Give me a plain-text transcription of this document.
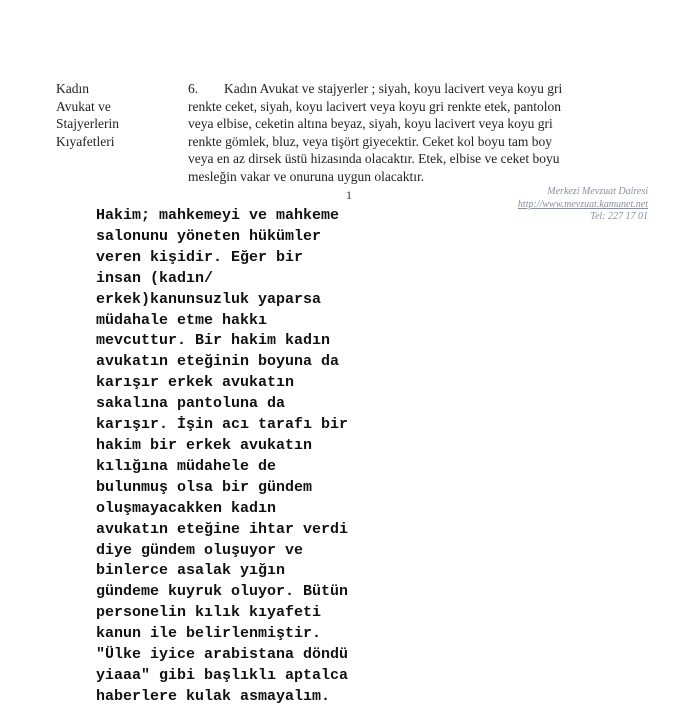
Kadın
Avukat ve
Stajyerlerin
Kıyafetleri
6.	Kadın Avukat ve stajyerler ; siyah, koyu lacivert veya koyu gri
renkte ceket, siyah, koyu lacivert veya koyu gri renkte etek, pantolon
veya elbise, ceketin altına beyaz, siyah, koyu lacivert veya koyu gri
renkte gömlek, bluz, veya tişört giyecektir. Ceket kol boyu tam boy
veya en az dirsek üstü hizasında olacaktır. Etek, elbise ve ceket boyu
mesleğin vakar ve onuruna uygun olacaktır.
1	Merkezi Mevzuat Dairesi
http://www.mevzuat.kamunet.net
Tel: 227 17 01
Hakim; mahkemeyi ve mahkeme
salonunu yöneten hükümler
veren kişidir. Eğer bir
insan (kadın/
erkek)kanunsuzluk yaparsa
müdahale etme hakkı
mevcuttur. Bir hakim kadın
avukatın eteğinin boyuna da
karışır erkek avukatın
sakalına pantoluna da
karışır. İşin acı tarafı bir
hakim bir erkek avukatın
kılığına müdahele de
bulunmuş olsa bir gündem
oluşmayacakken kadın
avukatın eteğine ihtar verdi
diye gündem oluşuyor ve
binlerce asalak yığın
gündeme kuyruk oluyor. Bütün
personelin kılık kıyafeti
kanun ile belirlenmiştir.
"Ülke iyice arabistana döndü
yiaaa" gibi başlıklı aptalca
haberlere kulak asmayalım.
